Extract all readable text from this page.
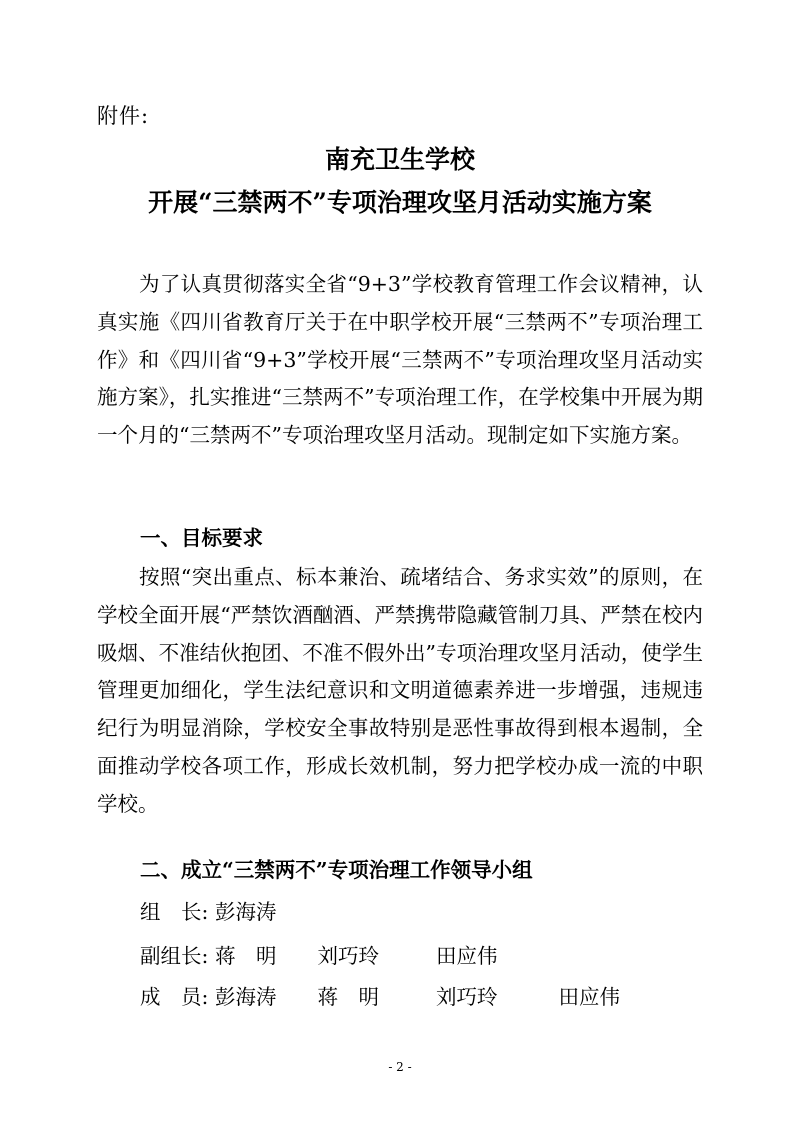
附件:
南充卫生学校
开展“三禁两不”专项治理攻坚月活动实施方案
为了认真贯彻落实全省“9+3”学校教育管理工作会议精神，认真实施《四川省教育厅关于在中职学校开展“三禁两不”专项治理工作》和《四川省“9+3”学校开展“三禁两不”专项治理攻坚月活动实施方案》，扎实推进“三禁两不”专项治理工作，在学校集中开展为期一个月的“三禁两不”专项治理攻坚月活动。现制定如下实施方案。
一、目标要求
按照“突出重点、标本兼治、疏堵结合、务求实效”的原则，在学校全面开展“严禁饮酒酗酒、严禁携带隐藏管制刀具、严禁在校内吸烟、不准结伙抱团、不准不假外出”专项治理攻坚月活动，使学生管理更加细化，学生法纪意识和文明道德素养进一步增强，违规违纪行为明显消除，学校安全事故特别是恶性事故得到根本遏制，全面推动学校各项工作，形成长效机制，努力把学校办成一流的中职学校。
二、成立“三禁两不”专项治理工作领导小组
组　长: 彭海涛
副组长: 蒋　明 刘巧玲	田应伟
成　员: 彭海涛 蒋　明	刘巧玲	田应伟
- 2 -
